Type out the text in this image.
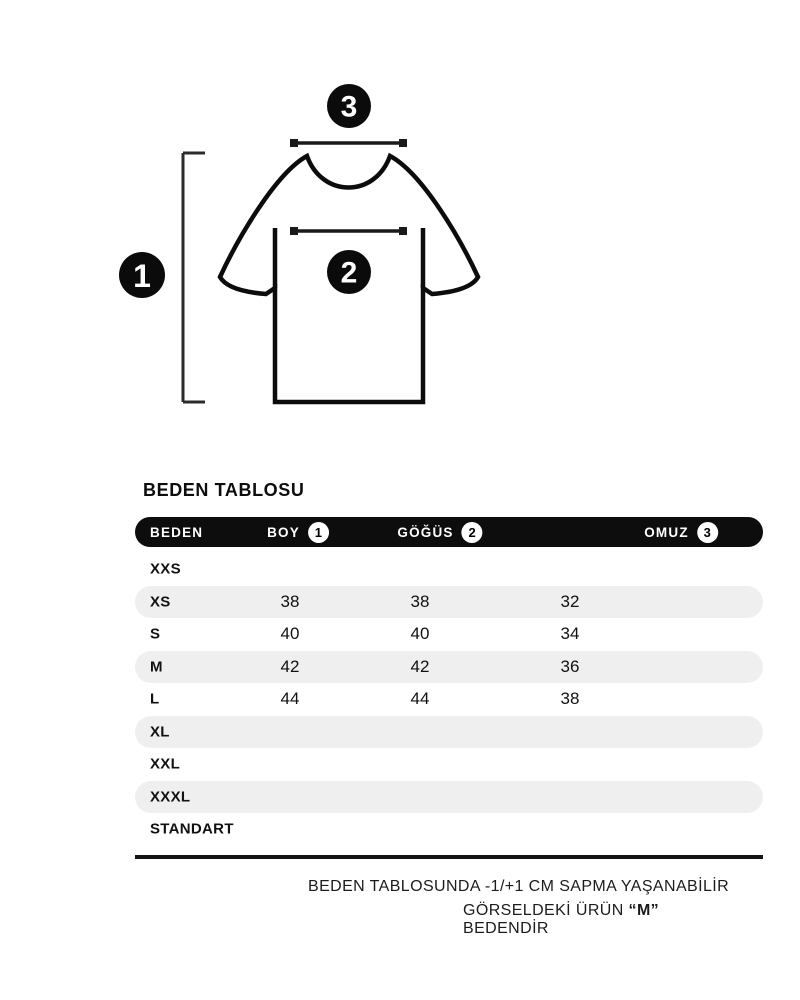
1	2
3
BEDEN TABLOSU
BEDEN	BOY	1	GÖĞÜS	2	OMUZ	3
XXS
XS	38	38	32
S	40	40	34
M	42	42	36
L	44	44	38
XL
XXL
XXXL
STANDART
BEDEN TABLOSUNDA -1/+1 CM SAPMA YAŞANABİLİR
GÖRSELDEKİ ÜRÜN “M”
BEDENDİR
